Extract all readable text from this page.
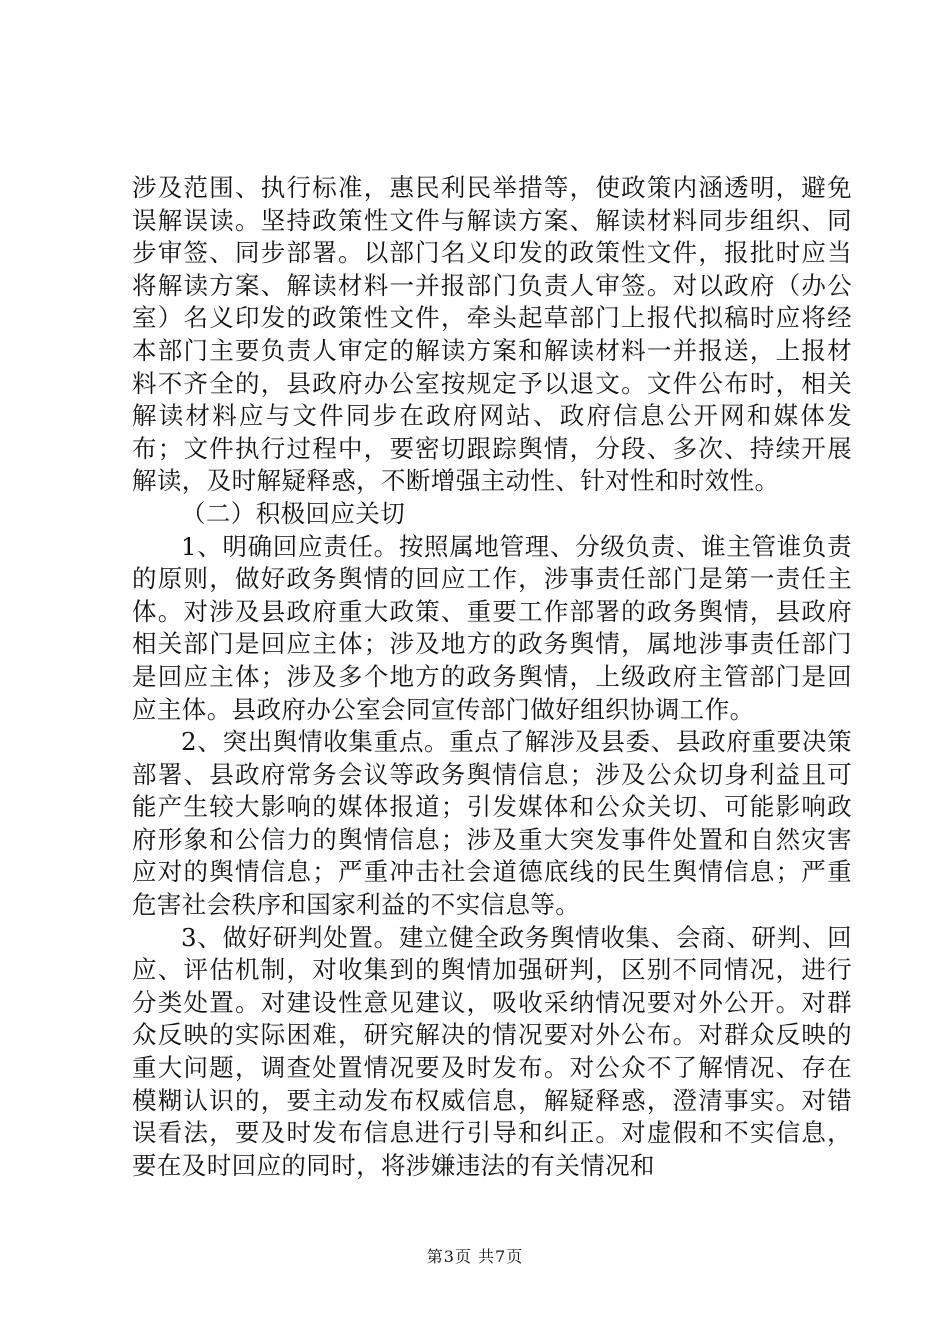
涉及范围、执行标准，惠民利民举措等，使政策内涵透明，避免误解误读。坚持政策性文件与解读方案、解读材料同步组织、同步审签、同步部署。以部门名义印发的政策性文件，报批时应当将解读方案、解读材料一并报部门负责人审签。对以政府（办公室）名义印发的政策性文件，牵头起草部门上报代拟稿时应将经本部门主要负责人审定的解读方案和解读材料一并报送，上报材料不齐全的，县政府办公室按规定予以退文。文件公布时，相关解读材料应与文件同步在政府网站、政府信息公开网和媒体发布；文件执行过程中，要密切跟踪舆情，分段、多次、持续开展解读，及时解疑释惑，不断增强主动性、针对性和时效性。

（二）积极回应关切

1、明确回应责任。按照属地管理、分级负责、谁主管谁负责的原则，做好政务舆情的回应工作，涉事责任部门是第一责任主体。对涉及县政府重大政策、重要工作部署的政务舆情，县政府相关部门是回应主体；涉及地方的政务舆情，属地涉事责任部门是回应主体；涉及多个地方的政务舆情，上级政府主管部门是回应主体。县政府办公室会同宣传部门做好组织协调工作。

2、突出舆情收集重点。重点了解涉及县委、县政府重要决策部署、县政府常务会议等政务舆情信息；涉及公众切身利益且可能产生较大影响的媒体报道；引发媒体和公众关切、可能影响政府形象和公信力的舆情信息；涉及重大突发事件处置和自然灾害应对的舆情信息；严重冲击社会道德底线的民生舆情信息；严重危害社会秩序和国家利益的不实信息等。

3、做好研判处置。建立健全政务舆情收集、会商、研判、回应、评估机制，对收集到的舆情加强研判，区别不同情况，进行分类处置。对建设性意见建议，吸收采纳情况要对外公开。对群众反映的实际困难，研究解决的情况要对外公布。对群众反映的重大问题，调查处置情况要及时发布。对公众不了解情况、存在模糊认识的，要主动发布权威信息，解疑释惑，澄清事实。对错误看法，要及时发布信息进行引导和纠正。对虚假和不实信息，要在及时回应的同时，将涉嫌违法的有关情况和

第3页 共7页
